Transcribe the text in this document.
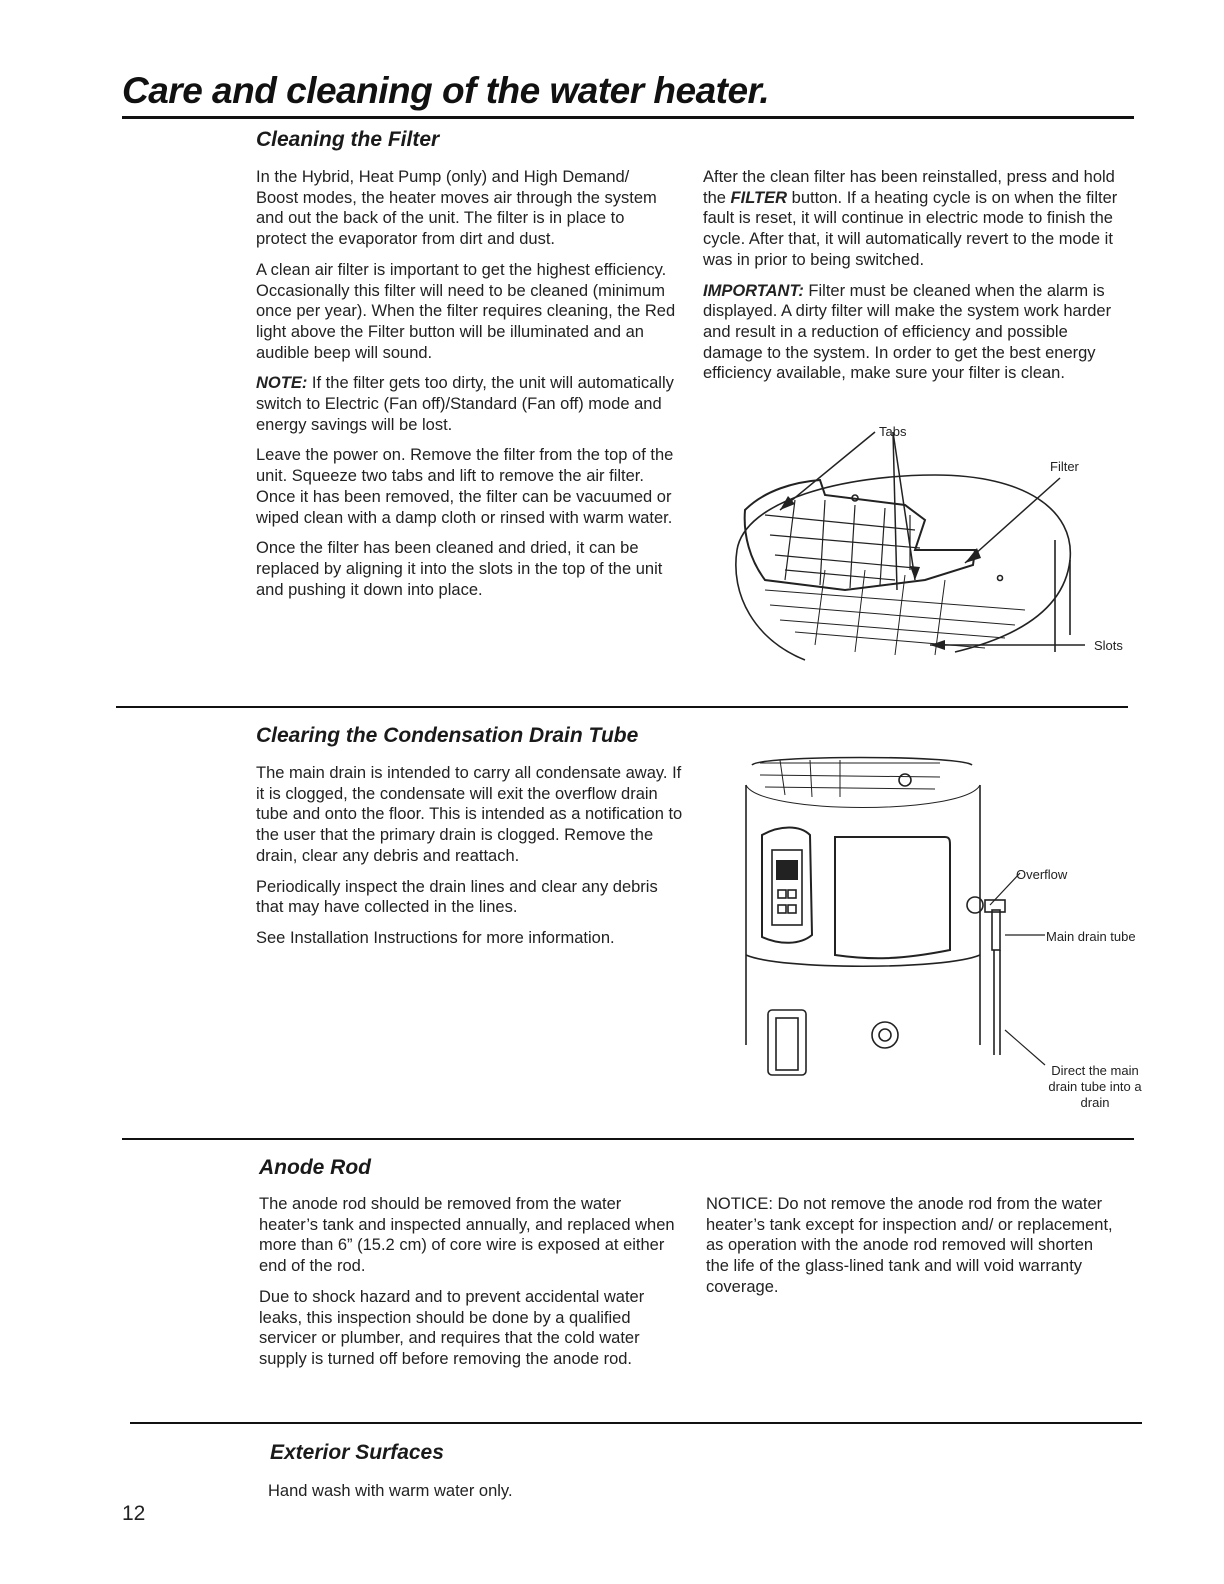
Care and cleaning of the water heater.
Cleaning the Filter

In the Hybrid, Heat Pump (only) and High Demand/ Boost modes, the heater moves air through the system and out the back of the unit. The filter is in place to protect the evaporator from dirt and dust.

A clean air filter is important to get the highest efficiency. Occasionally this filter will need to be cleaned (minimum once per year). When the filter requires cleaning, the Red light above the Filter button will be illuminated and an audible beep will sound.

NOTE: If the filter gets too dirty, the unit will automatically switch to Electric (Fan off)/Standard (Fan off) mode and energy savings will be lost.

Leave the power on. Remove the filter from the top of the unit. Squeeze two tabs and lift to remove the air filter. Once it has been removed, the filter can be vacuumed or wiped clean with a damp cloth or rinsed with warm water.

Once the filter has been cleaned and dried, it can be replaced by aligning it into the slots in the top of the unit and pushing it down into place.

After the clean filter has been reinstalled, press and hold the FILTER button. If a heating cycle is on when the filter fault is reset, it will continue in electric mode to finish the cycle. After that, it will automatically revert to the mode it was in prior to being switched.

IMPORTANT: Filter must be cleaned when the alarm is displayed. A dirty filter will make the system work harder and result in a reduction of efficiency and possible damage to the system. In order to get the best energy efficiency available, make sure your filter is clean.

Tabs
Filter
Slots
Clearing the Condensation Drain Tube

The main drain is intended to carry all condensate away. If it is clogged, the condensate will exit the overflow drain tube and onto the floor. This is intended as a notification to the user that the primary drain is clogged. Remove the drain, clear any debris and reattach.

Periodically inspect the drain lines and clear any debris that may have collected in the lines.

See Installation Instructions for more information.

Overflow
Main drain tube
Direct the main
drain tube into a
drain
Anode Rod

The anode rod should be removed from the water heater’s tank and inspected annually, and replaced when more than 6” (15.2 cm) of core wire is exposed at either end of the rod.

Due to shock hazard and to prevent accidental water leaks, this inspection should be done by a qualified servicer or plumber, and requires that the cold water supply is turned off before removing the anode rod.

NOTICE: Do not remove the anode rod from the water heater’s tank except for inspection and/ or replacement, as operation with the anode rod removed will shorten the life of the glass-lined tank and will void warranty coverage.

Exterior Surfaces
Hand wash with warm water only.
12
